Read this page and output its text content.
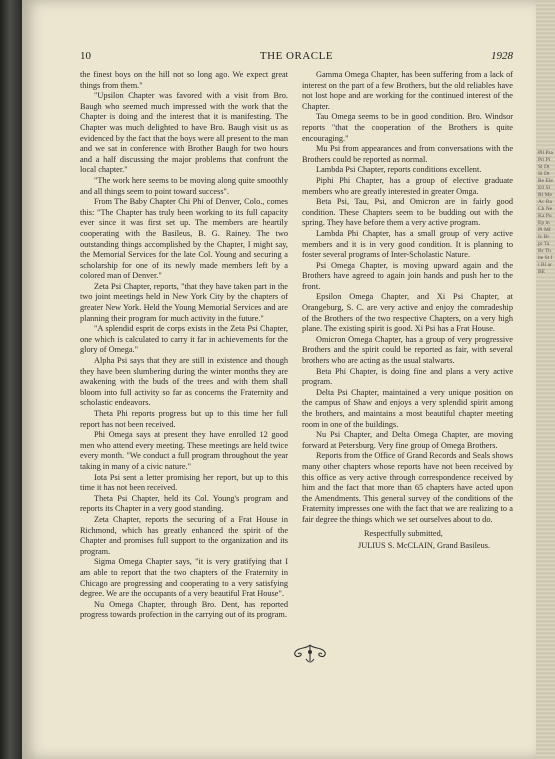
Pll Pra Pri Pi Sl Dt Sl Dt Re Ele E0 Sl Rl Me Ac Ba Ch Ne Ka Pu Ep in Pl MI Ic Br pr Ta Br Th be St fi Bl ar BE
10	THE ORACLE	1928

the finest boys on the hill not so long ago. We expect great things from them."

"Upsilon Chapter was favored with a visit from Bro. Baugh who seemed much impressed with the work that the Chapter is doing and the interest that it is manifesting. The Chapter was much delighted to have Bro. Baugh visit us as evidenced by the fact that the boys were all present to the man and we sat in conference with Brother Baugh for two hours and a half discussing the major problems that confront the local chapter."

"The work here seems to be moving along quite smoothly and all things seem to point toward success".

From The Baby Chapter Chi Phi of Denver, Colo., comes this: "The Chapter has truly been working to its full capacity ever since it was first set up. The members are heartily cooperating with the Basileus, B. G. Rainey. The two outstanding things accomplished by the Chapter, I might say, the Memorial Services for the late Col. Young and securing a scholarship for one of its newly made members left by a colored man of Denver."

Zeta Psi Chapter, reports, "that they have taken part in the two joint meetings held in New York City by the chapters of greater New York. Held the Young Memorial Services and are planning their program for much activity in the future."

"A splendid esprit de corps exists in the Zeta Psi Chapter, one which is calculated to carry it far in achievements for the glory of Omega."

Alpha Psi says that they are still in existence and though they have been slumbering during the winter months they are awakening with the buds of the trees and with them shall bloom into full activity so far as concerns the Fraternity and scholastic endeavors.

Theta Phi reports progress but up to this time her full report has not been received.

Phi Omega says at present they have enrolled 12 good men who attend every meeting. These meetings are held twice every month. "We conduct a full program throughout the year taking in many of a civic nature."

Iota Psi sent a letter promising her report, but up to this time it has not been received.

Theta Psi Chapter, held its Col. Young's program and reports its Chapter in a very good standing.

Zeta Chapter, reports the securing of a Frat House in Richmond, which has greatly enhanced the spirit of the Chapter and promises full support to the organization and its program.

Sigma Omega Chapter says, "it is very gratifying that I am able to report that the two chapters of the Fraternity in Chicago are progressing and cooperating to a very satisfying degree. We are the occupants of a very beautiful Frat House".

Nu Omega Chapter, through Bro. Dent, has reported progress towards profection in the carrying out of its program.

Gamma Omega Chapter, has been suffering from a lack of interest on the part of a few Brothers, but the old reliables have not lost hope and are working for the continued interest of the Chapter.

Tau Omega seems to be in good condition. Bro. Windsor reports "that the cooperation of the Brothers is quite encouraging."

Mu Psi from appearances and from conversations with the Brothers could be reported as normal.

Lambda Psi Chapter, reports conditions excellent.

Piphi Phi Chapter, has a group of elective graduate members who are greatly interested in greater Omga.

Beta Psi, Tau, Psi, and Omicron are in fairly good condition. These Chapters seem to be budding out with the spring. They have before them a very active program.

Lambda Phi Chapter, has a small group of very active members and it is in very good condition. It is planning to foster several programs of Inter-Scholastic Nature.

Psi Omega Chapter, is moving upward again and the Brothers have agreed to again join hands and push her to the front.

Epsilon Omega Chapter, and Xi Psi Chapter, at Orangeburg, S. C. are very active and enjoy the comradeship of the Brothers of the two respective Chapters, on a very high plane. The existing spirit is good. Xi Psi has a Frat House.

Omicron Omega Chapter, has a group of very progressive Brothers and the spirit could be reported as fair, with several brothers who are acting as the usual stalwarts.

Beta Phi Chapter, is doing fine and plans a very active program.

Delta Psi Chapter, maintained a very unique position on the campus of Shaw and enjoys a very splendid spirit among the brothers, and maintains a most beautiful chapter meeting room in one of the buildings.

Nu Psi Chapter, and Delta Omega Chapter, are moving forward at Petersburg. Very fine group of Omega Brothers.

Reports from the Office of Grand Records and Seals shows many other chapters whose reports have not been received by this office as very active through correspondence received by him and the fact that more than 65 chapters have acted upon the Amendments. This general survey of the conditions of the Fraternity impresses one with the fact that we are realizing to a fair degree the things which we set ourselves about to do.

Respectfully submitted,

JULIUS S. McCLAIN, Grand Basileus.
